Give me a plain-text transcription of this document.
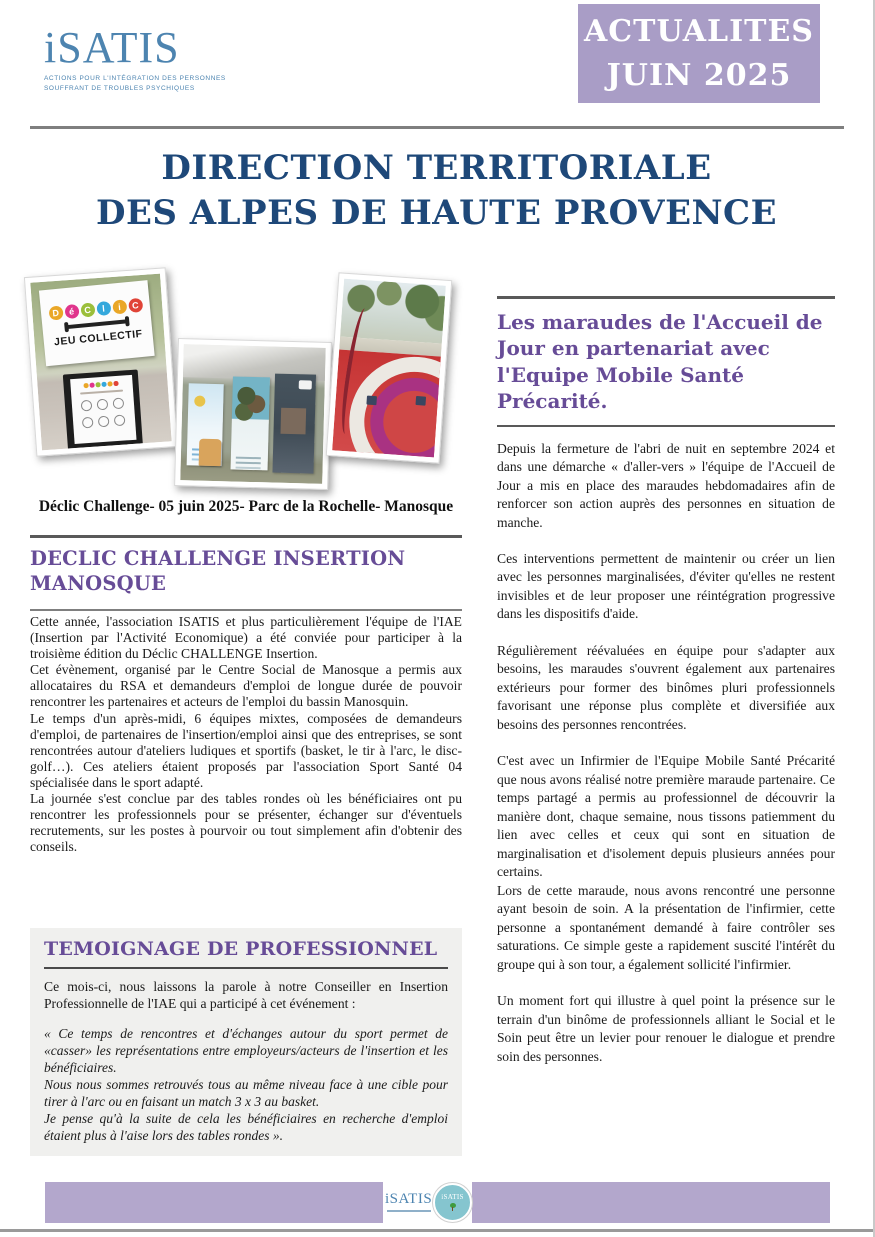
iSATIS
ACTIONS POUR L'INTÉGRATION DES PERSONNES
SOUFFRANT DE TROUBLES PSYCHIQUES
ACTUALITES
JUIN 2025
DIRECTION TERRITORIALE
DES ALPES DE HAUTE PROVENCE
D	é	C	l	i	C
JEU COLLECTIF
Déclic Challenge- 05 juin 2025- Parc de la Rochelle- Manosque
DECLIC CHALLENGE INSERTION MANOSQUE

Cette année, l'association ISATIS et plus particulièrement l'équipe de l'IAE (Insertion par l'Activité Economique) a été conviée pour participer à la troisième édition du Déclic CHALLENGE Insertion.

Cet évènement, organisé par le Centre Social de Manosque a permis aux allocataires du RSA et demandeurs d'emploi de longue durée de pouvoir rencontrer les partenaires et acteurs de l'emploi du bassin Manosquin.

Le temps d'un après-midi, 6 équipes mixtes, composées de demandeurs d'emploi, de partenaires de l'insertion/emploi ainsi que des entreprises, se sont rencontrées autour d'ateliers ludiques et sportifs (basket, le tir à l'arc, le disc-golf…). Ces ateliers étaient proposés par l'association Sport Santé 04 spécialisée dans le sport adapté.

La journée s'est conclue par des tables rondes où les bénéficiaires ont pu rencontrer les professionnels pour se présenter, échanger sur d'éventuels recrutements, sur les postes à pourvoir ou tout simplement afin d'obtenir des conseils.

TEMOIGNAGE DE PROFESSIONNEL

Ce mois-ci, nous laissons la parole à notre Conseiller en Insertion Professionnelle de l'IAE qui a participé à cet événement :

« Ce temps de rencontres et d'échanges autour du sport permet de «casser» les représentations entre employeurs/acteurs de l'insertion et les bénéficiaires.

Nous nous sommes retrouvés tous au même niveau face à une cible pour tirer à l'arc ou en faisant un match 3 x 3 au basket.

Je pense qu'à la suite de cela les bénéficiaires en recherche d'emploi étaient plus à l'aise lors des tables rondes ».

Les maraudes de l'Accueil de Jour en partenariat avec l'Equipe Mobile Santé Précarité.

Depuis la fermeture de l'abri de nuit en septembre 2024 et dans une démarche « d'aller-vers » l'équipe de l'Accueil de Jour a mis en place des maraudes hebdomadaires afin de renforcer son action auprès des personnes en situation de manche.

Ces interventions permettent de maintenir ou créer un lien avec les personnes marginalisées, d'éviter qu'elles ne restent invisibles et de leur proposer une réintégration progressive dans les dispositifs d'aide.

Régulièrement réévaluées en équipe pour s'adapter aux besoins, les maraudes s'ouvrent également aux partenaires extérieurs pour former des binômes pluri professionnels favorisant une réponse plus complète et diversifiée aux besoins des personnes rencontrées.

C'est avec un Infirmier de l'Equipe Mobile Santé Précarité que nous avons réalisé notre première maraude partenaire. Ce temps partagé a permis au professionnel de découvrir la manière dont, chaque semaine, nous tissons patiemment du lien avec celles et ceux qui sont en situation de marginalisation et d'isolement depuis plusieurs années pour certains.

Lors de cette maraude, nous avons rencontré une personne ayant besoin de soin. A la présentation de l'infirmier, cette personne a spontanément demandé à faire contrôler ses saturations. Ce simple geste a rapidement suscité l'intérêt du groupe qui à son tour, a également sollicité l'infirmier.

Un moment fort qui illustre à quel point la présence sur le terrain d'un binôme de professionnels alliant le Social et le Soin peut être un levier pour renouer le dialogue et prendre soin des personnes.

iSATIS iSATIS
